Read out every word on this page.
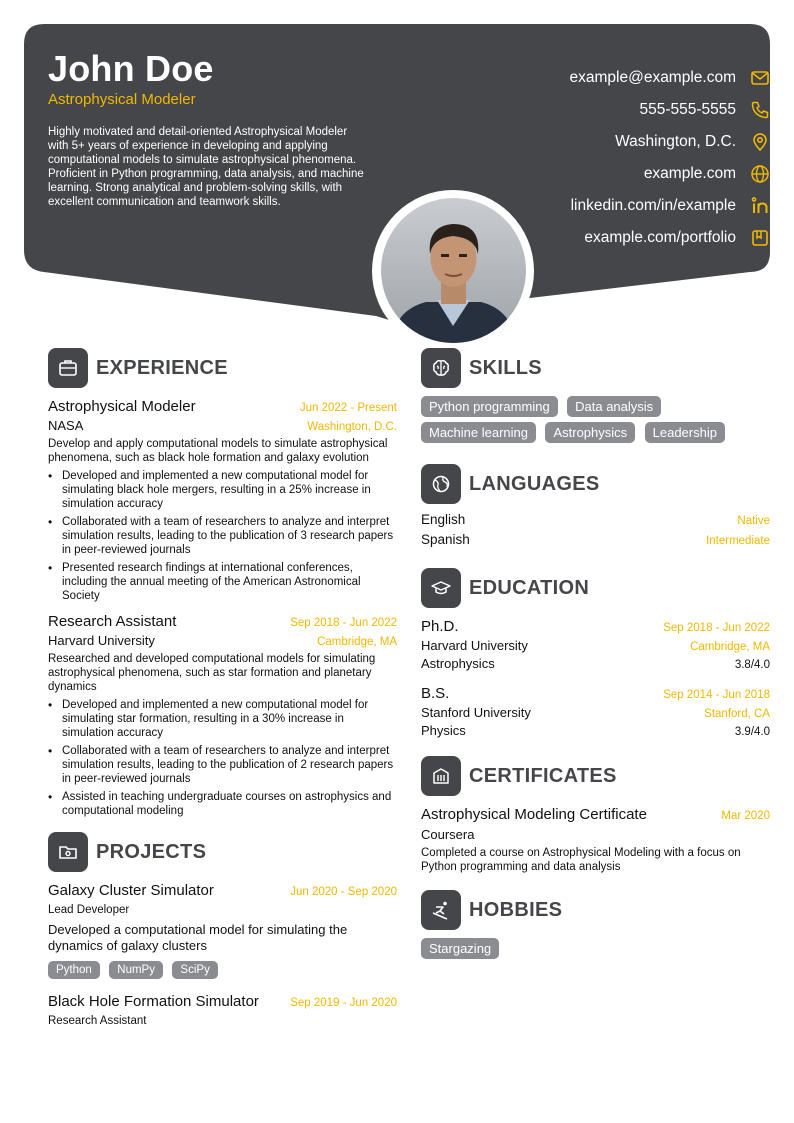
John Doe
Astrophysical Modeler
Highly motivated and detail-oriented Astrophysical Modeler with 5+ years of experience in developing and applying computational models to simulate astrophysical phenomena. Proficient in Python programming, data analysis, and machine learning. Strong analytical and problem-solving skills, with excellent communication and teamwork skills.
example@example.com
555-555-5555
Washington, D.C.
example.com
linkedin.com/in/example
example.com/portfolio
EXPERIENCE
Astrophysical Modeler	Jun 2022 - Present
NASA	Washington, D.C.
Develop and apply computational models to simulate astrophysical phenomena, such as black hole formation and galaxy evolution
• Developed and implemented a new computational model for simulating black hole mergers, resulting in a 25% increase in simulation accuracy
• Collaborated with a team of researchers to analyze and interpret simulation results, leading to the publication of 3 research papers in peer-reviewed journals
• Presented research findings at international conferences, including the annual meeting of the American Astronomical Society
Research Assistant	Sep 2018 - Jun 2022
Harvard University	Cambridge, MA
Researched and developed computational models for simulating astrophysical phenomena, such as star formation and planetary dynamics
• Developed and implemented a new computational model for simulating star formation, resulting in a 30% increase in simulation accuracy
• Collaborated with a team of researchers to analyze and interpret simulation results, leading to the publication of 2 research papers in peer-reviewed journals
• Assisted in teaching undergraduate courses on astrophysics and computational modeling
PROJECTS
Galaxy Cluster Simulator	Jun 2020 - Sep 2020
Lead Developer
Developed a computational model for simulating the dynamics of galaxy clusters
Python NumPy SciPy
Black Hole Formation Simulator	Sep 2019 - Jun 2020
Research Assistant
SKILLS
Python programming Data analysis
Machine learning Astrophysics Leadership
LANGUAGES
English	Native
Spanish	Intermediate
EDUCATION
Ph.D.	Sep 2018 - Jun 2022
Harvard University	Cambridge, MA
Astrophysics	3.8/4.0
B.S.	Sep 2014 - Jun 2018
Stanford University	Stanford, CA
Physics	3.9/4.0
CERTIFICATES
Astrophysical Modeling Certificate	Mar 2020
Coursera
Completed a course on Astrophysical Modeling with a focus on Python programming and data analysis
HOBBIES
Stargazing
